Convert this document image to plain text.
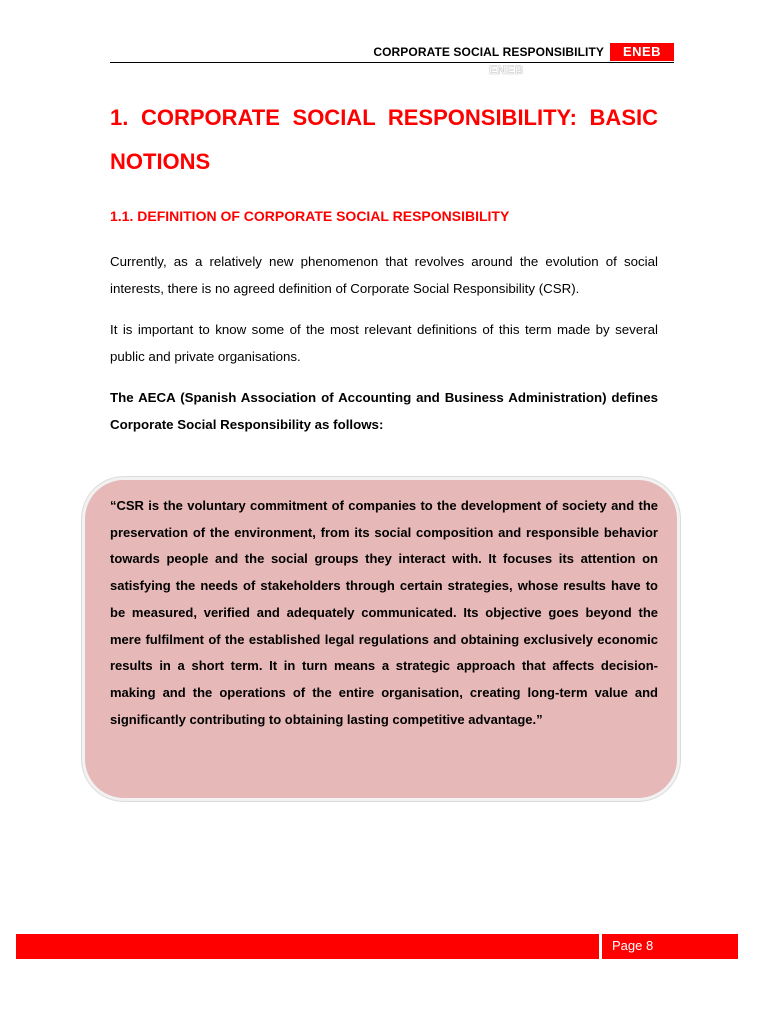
CORPORATE SOCIAL RESPONSIBILITY	ENEB
ENEB
1. CORPORATE SOCIAL RESPONSIBILITY: BASIC NOTIONS
1.1. DEFINITION OF CORPORATE SOCIAL RESPONSIBILITY
Currently, as a relatively new phenomenon that revolves around the evolution of social interests, there is no agreed definition of Corporate Social Responsibility (CSR).
It is important to know some of the most relevant definitions of this term made by several public and private organisations.
The AECA (Spanish Association of Accounting and Business Administration) defines Corporate Social Responsibility as follows:
“CSR is the voluntary commitment of companies to the development of society and the preservation of the environment, from its social composition and responsible behavior towards people and the social groups they interact with. It focuses its attention on satisfying the needs of stakeholders through certain strategies, whose results have to be measured, verified and adequately communicated. Its objective goes beyond the mere fulfilment of the established legal regulations and obtaining exclusively economic results in a short term. It in turn means a strategic approach that affects decision-making and the operations of the entire organisation, creating long-term value and significantly contributing to obtaining lasting competitive advantage.”
Page 8
